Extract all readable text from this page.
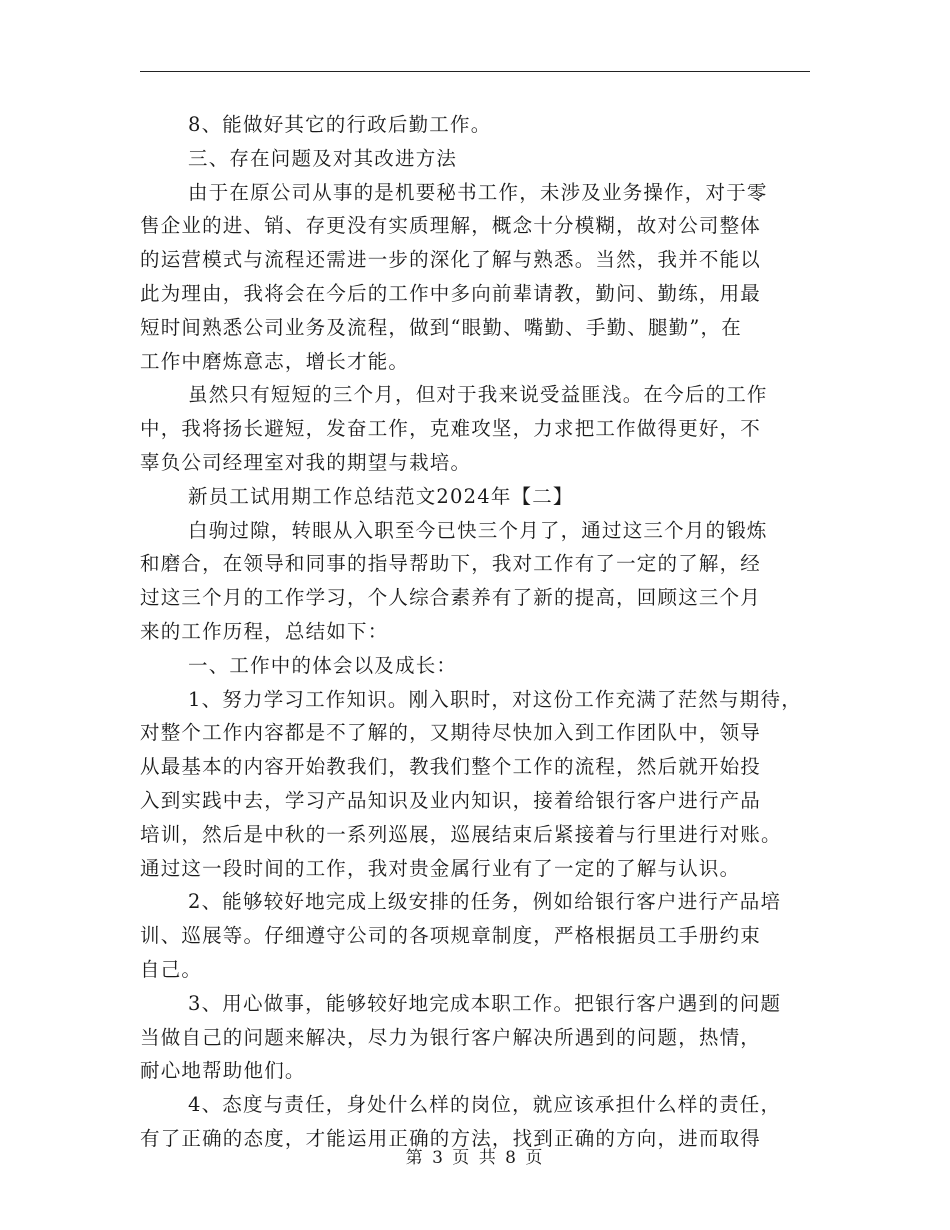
8、能做好其它的行政后勤工作。
三、存在问题及对其改进方法
由于在原公司从事的是机要秘书工作，未涉及业务操作，对于零
售企业的进、销、存更没有实质理解，概念十分模糊，故对公司整体
的运营模式与流程还需进一步的深化了解与熟悉。当然，我并不能以
此为理由，我将会在今后的工作中多向前辈请教，勤问、勤练，用最
短时间熟悉公司业务及流程，做到“眼勤、嘴勤、手勤、腿勤”，在
工作中磨炼意志，增长才能。
虽然只有短短的三个月，但对于我来说受益匪浅。在今后的工作
中，我将扬长避短，发奋工作，克难攻坚，力求把工作做得更好，不
辜负公司经理室对我的期望与栽培。
新员工试用期工作总结范文2024年【二】
白驹过隙，转眼从入职至今已快三个月了，通过这三个月的锻炼
和磨合，在领导和同事的指导帮助下，我对工作有了一定的了解，经
过这三个月的工作学习，个人综合素养有了新的提高，回顾这三个月
来的工作历程，总结如下：
一、工作中的体会以及成长：
1、努力学习工作知识。刚入职时，对这份工作充满了茫然与期待，
对整个工作内容都是不了解的，又期待尽快加入到工作团队中，领导
从最基本的内容开始教我们，教我们整个工作的流程，然后就开始投
入到实践中去，学习产品知识及业内知识，接着给银行客户进行产品
培训，然后是中秋的一系列巡展，巡展结束后紧接着与行里进行对账。
通过这一段时间的工作，我对贵金属行业有了一定的了解与认识。
2、能够较好地完成上级安排的任务，例如给银行客户进行产品培
训、巡展等。仔细遵守公司的各项规章制度，严格根据员工手册约束
自己。
3、用心做事，能够较好地完成本职工作。把银行客户遇到的问题
当做自己的问题来解决，尽力为银行客户解决所遇到的问题，热情，
耐心地帮助他们。
4、态度与责任，身处什么样的岗位，就应该承担什么样的责任，
有了正确的态度，才能运用正确的方法，找到正确的方向，进而取得
第 3 页 共 8 页
